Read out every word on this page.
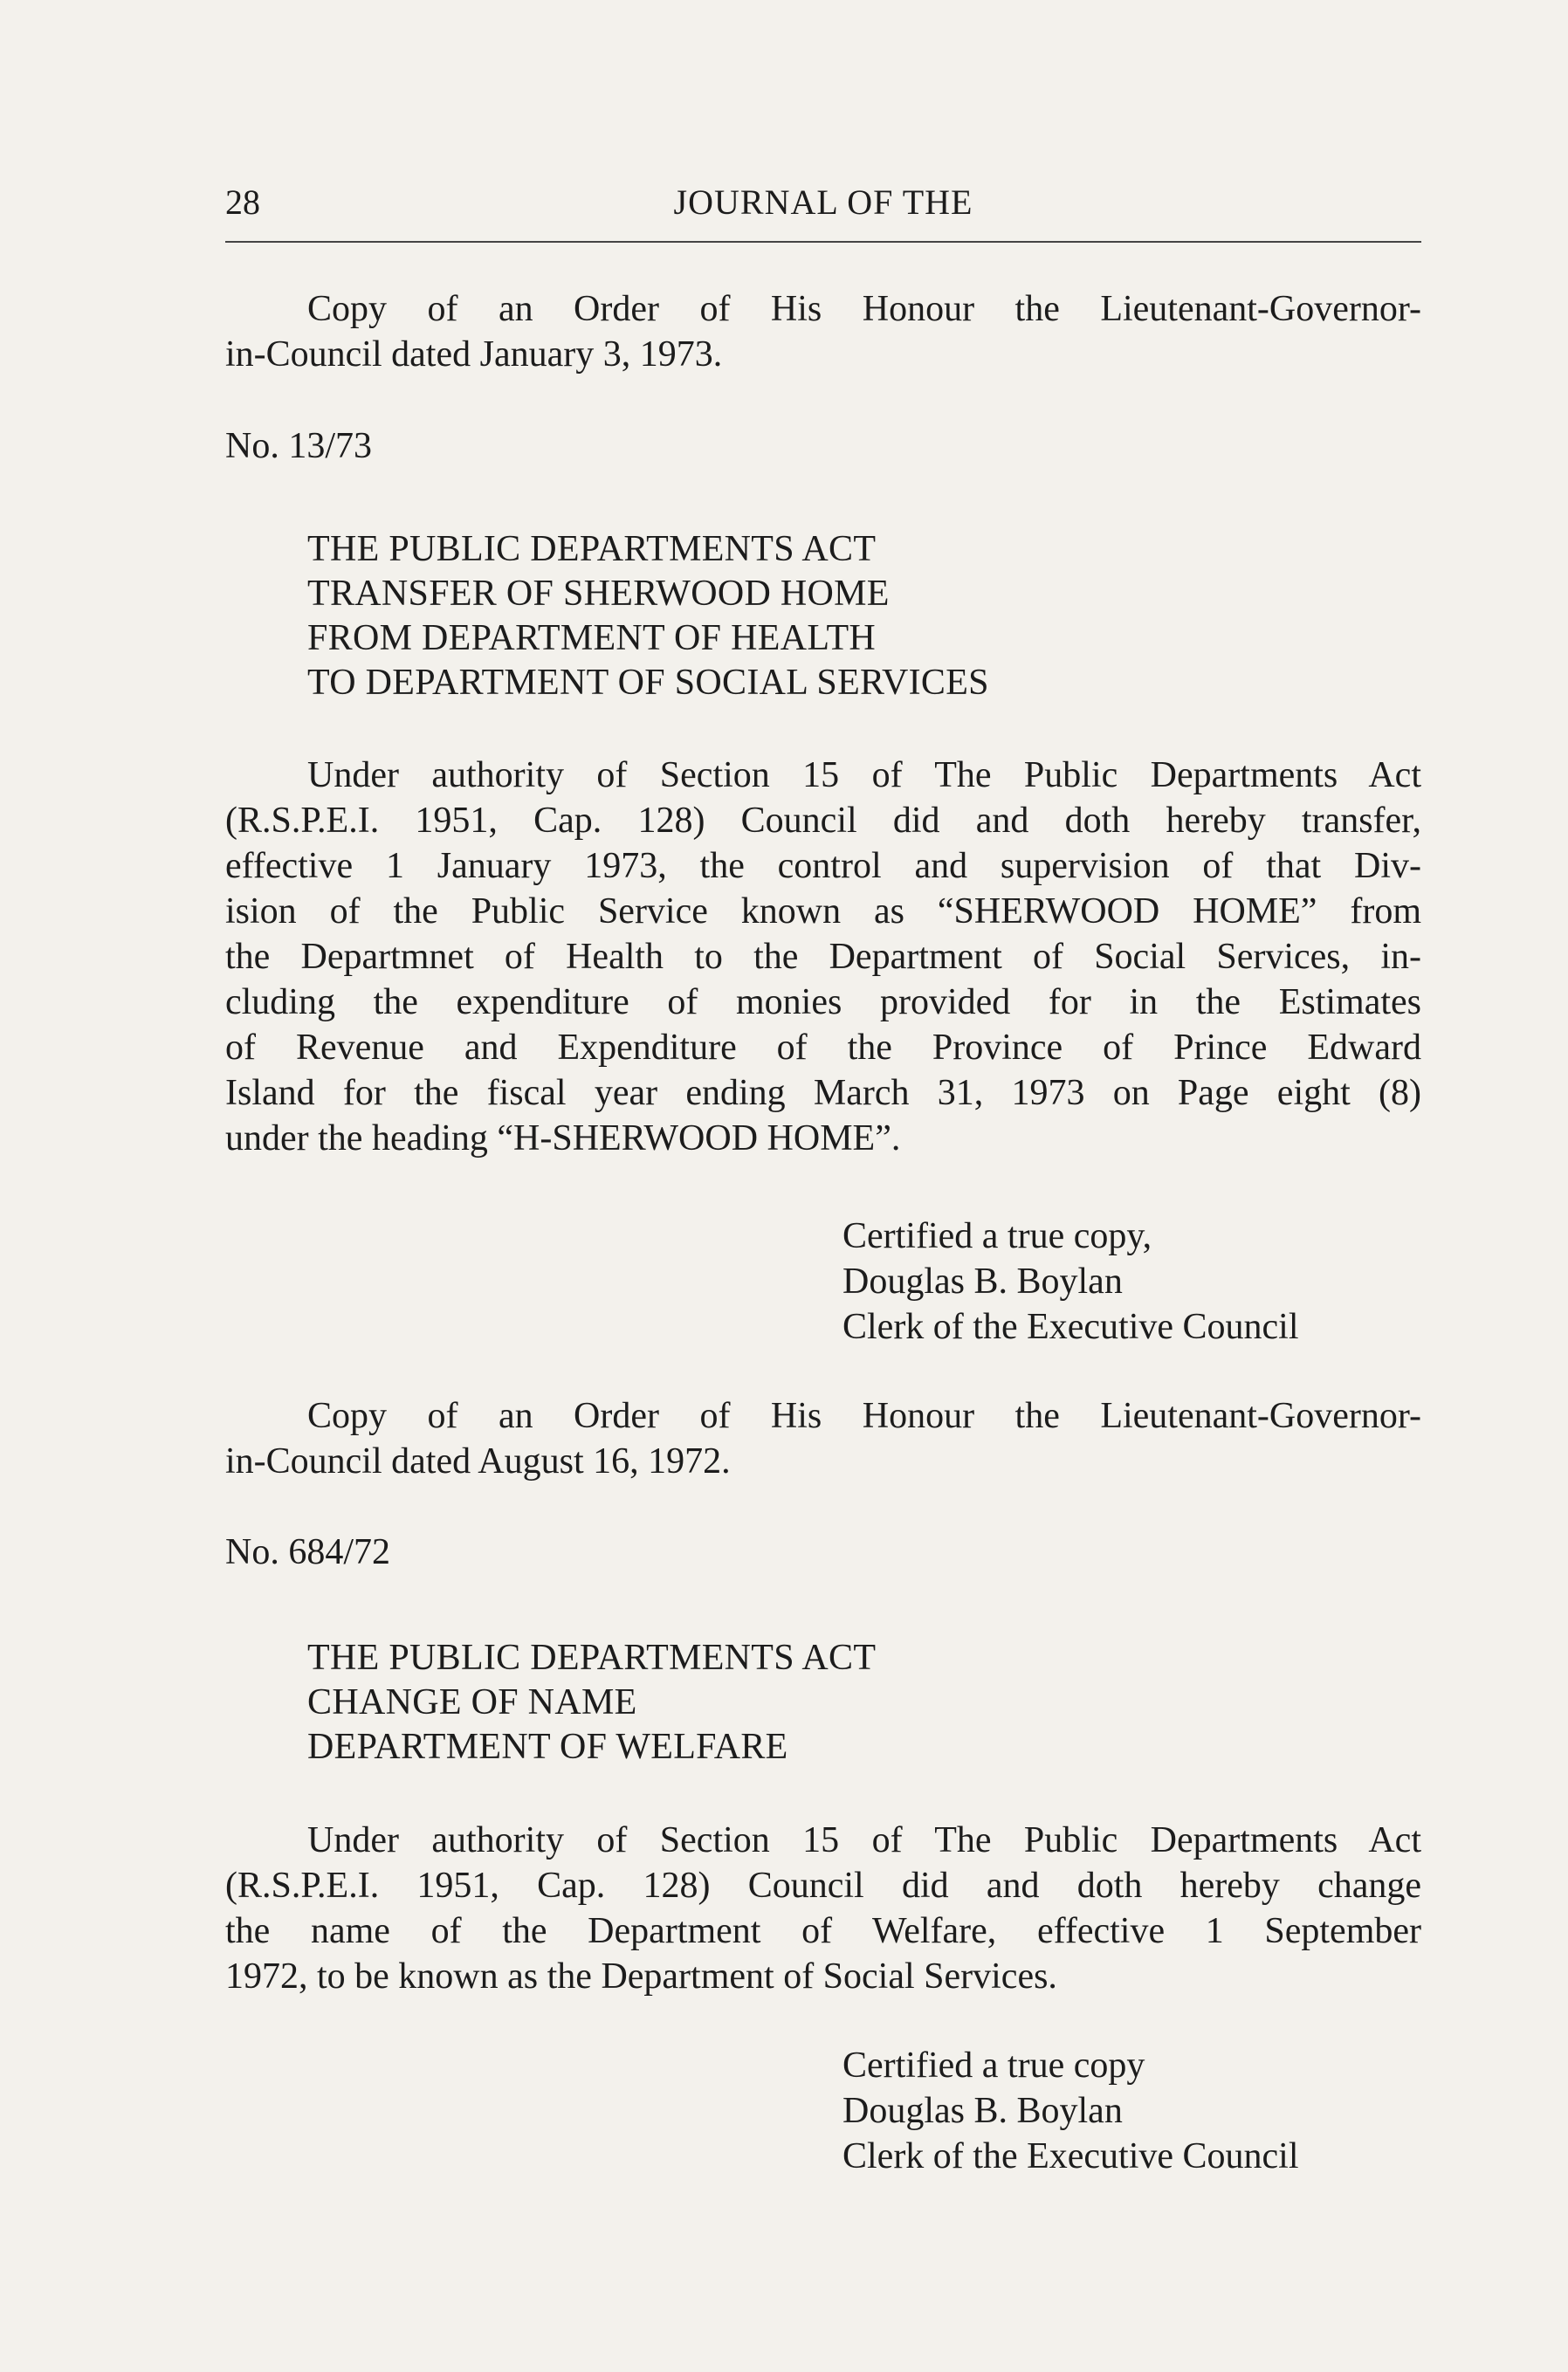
28	JOURNAL OF THE
Copy of an Order of His Honour the Lieutenant-Governor-
in-Council dated January 3, 1973.
No. 13/73
THE PUBLIC DEPARTMENTS ACT
TRANSFER OF SHERWOOD HOME
FROM DEPARTMENT OF HEALTH
TO DEPARTMENT OF SOCIAL SERVICES
Under authority of Section 15 of The Public Departments Act
(R.S.P.E.I. 1951, Cap. 128) Council did and doth hereby transfer,
effective 1 January 1973, the control and supervision of that Div-
ision of the Public Service known as “SHERWOOD HOME” from
the Departmnet of Health to the Department of Social Services, in-
cluding the expenditure of monies provided for in the Estimates
of Revenue and Expenditure of the Province of Prince Edward
Island for the fiscal year ending March 31, 1973 on Page eight (8)
under the heading “H-SHERWOOD HOME”.
Certified a true copy,
Douglas B. Boylan
Clerk of the Executive Council
Copy of an Order of His Honour the Lieutenant-Governor-
in-Council dated August 16, 1972.
No. 684/72
THE PUBLIC DEPARTMENTS ACT
CHANGE OF NAME
DEPARTMENT OF WELFARE
Under authority of Section 15 of The Public Departments Act
(R.S.P.E.I. 1951, Cap. 128) Council did and doth hereby change
the name of the Department of Welfare, effective 1 September
1972, to be known as the Department of Social Services.
Certified a true copy
Douglas B. Boylan
Clerk of the Executive Council
